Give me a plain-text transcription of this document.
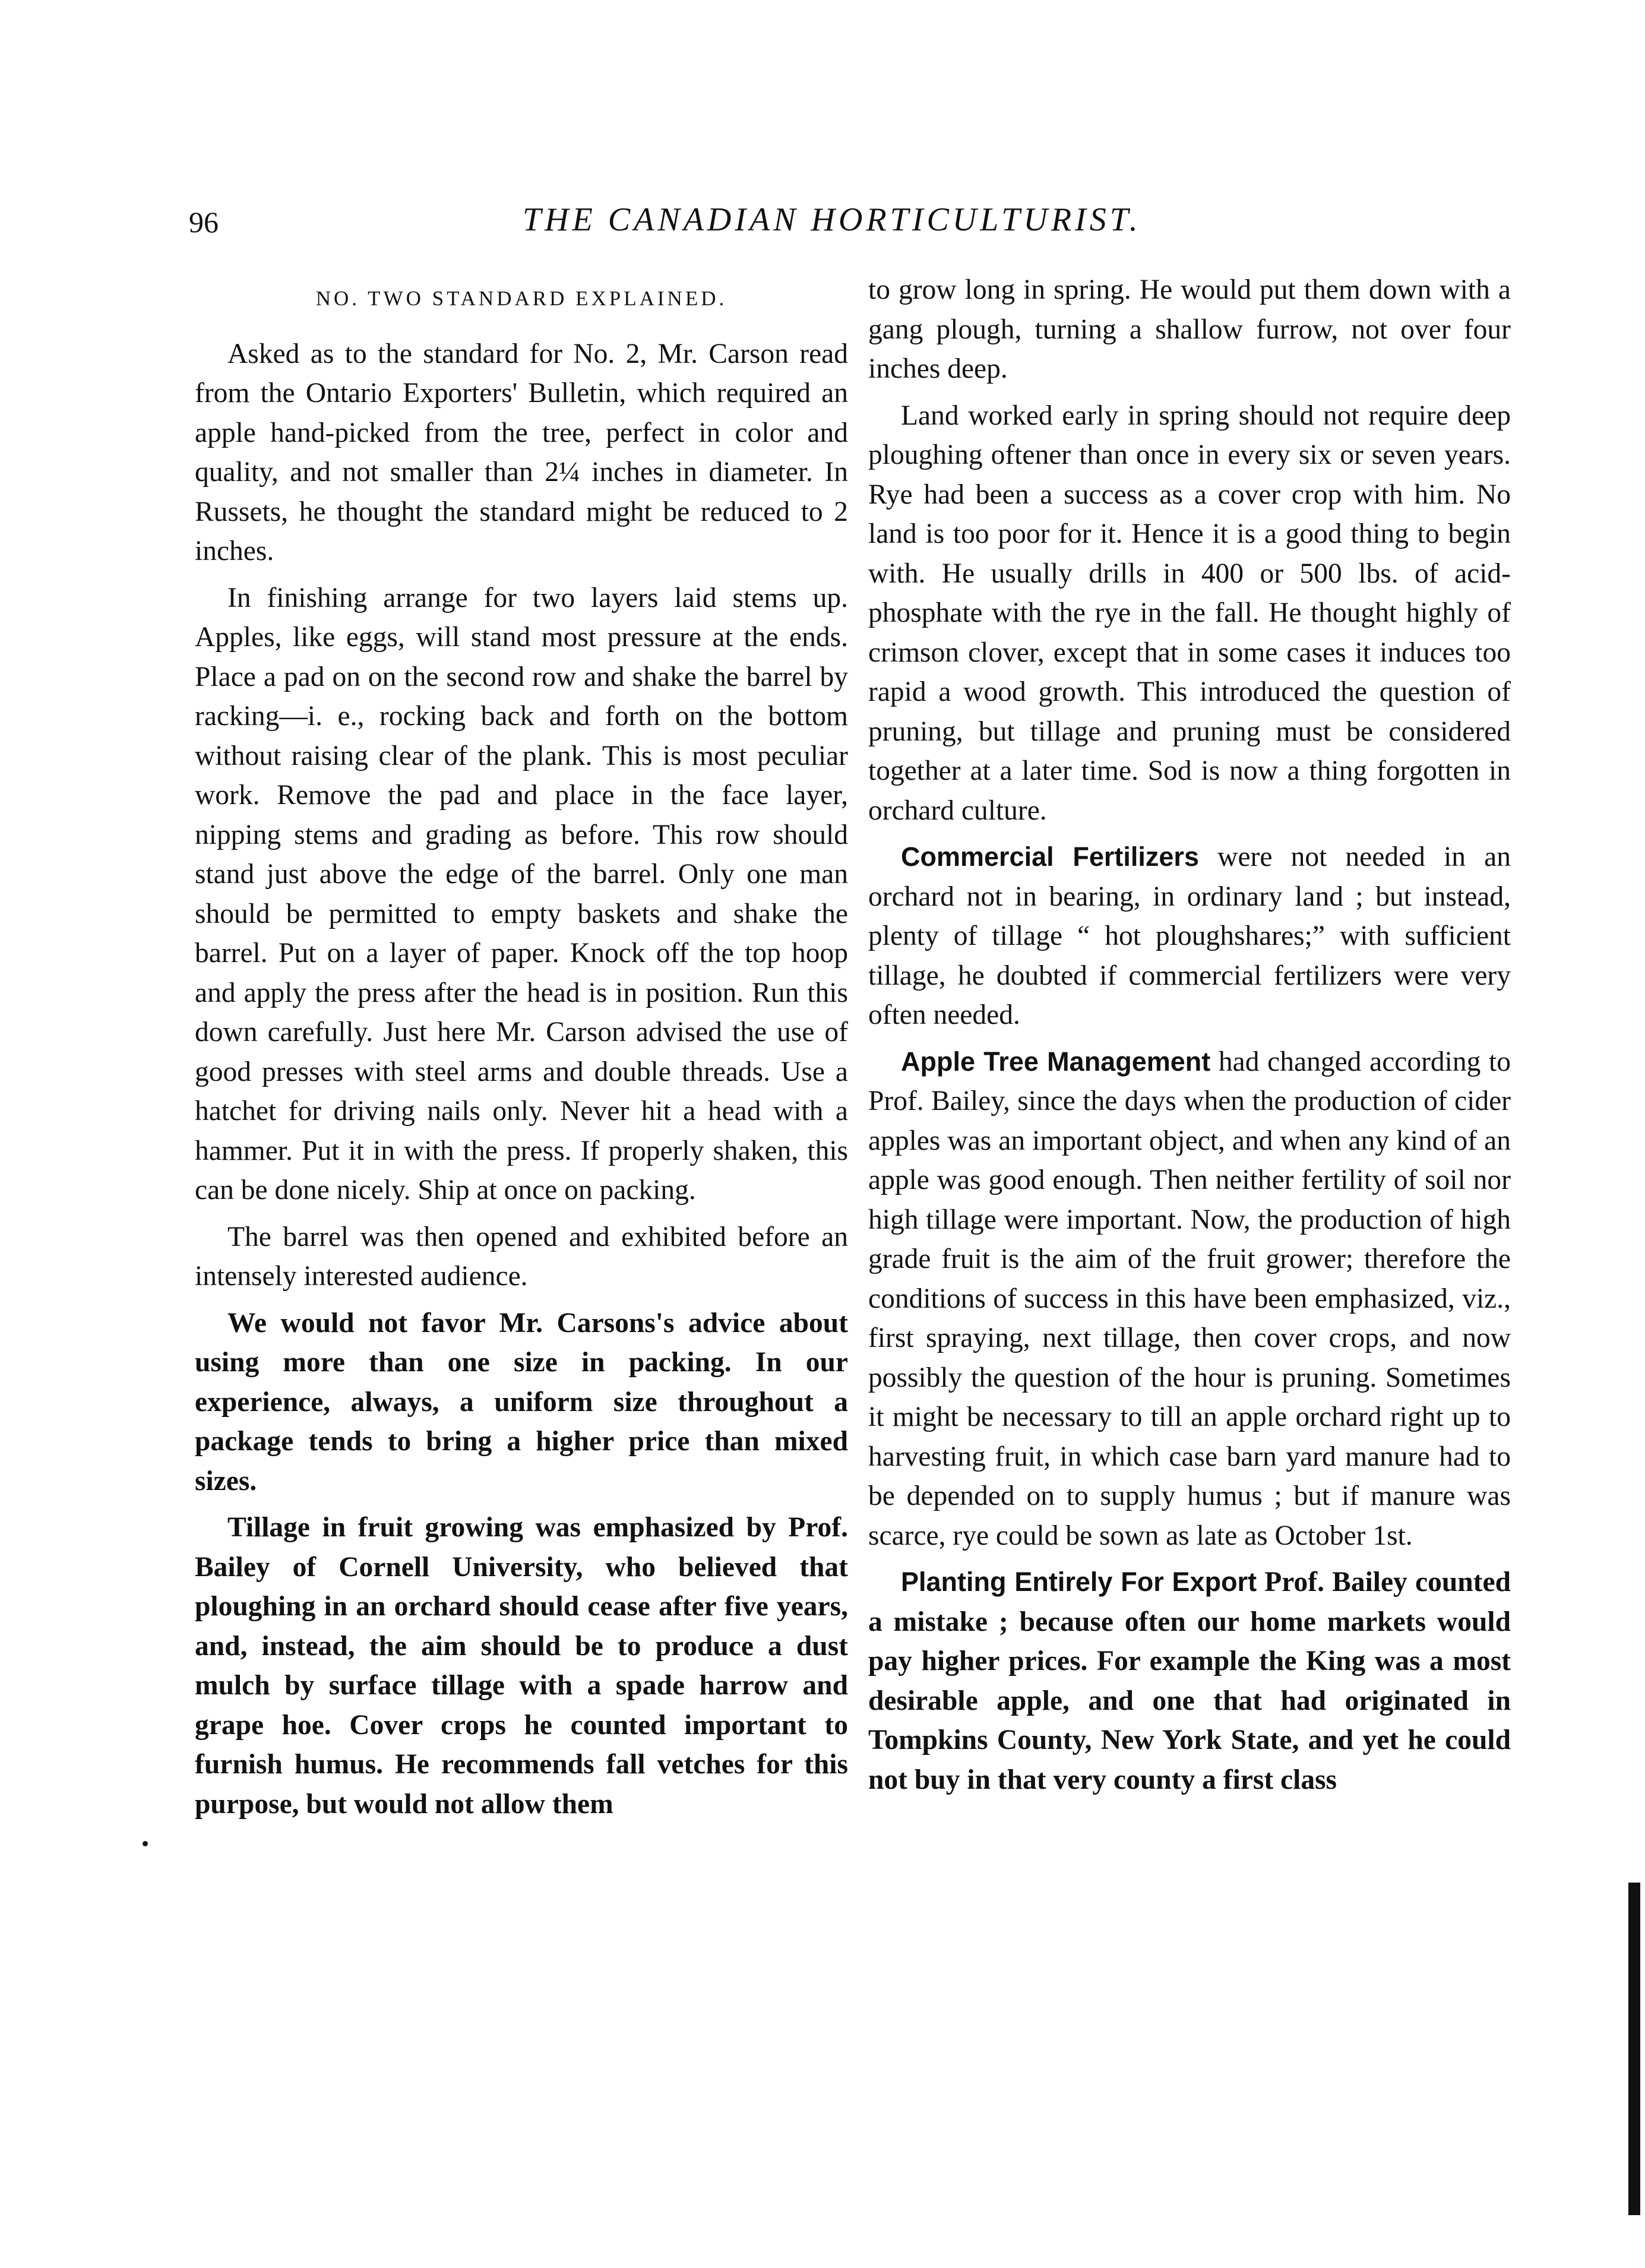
96	THE CANADIAN HORTICULTURIST.
NO. TWO STANDARD EXPLAINED.

Asked as to the standard for No. 2, Mr. Carson read from the Ontario Exporters' Bulletin, which required an apple hand-picked from the tree, perfect in color and quality, and not smaller than 2¼ inches in diameter. In Russets, he thought the standard might be reduced to 2 inches.

In finishing arrange for two layers laid stems up. Apples, like eggs, will stand most pressure at the ends. Place a pad on on the second row and shake the barrel by racking—i. e., rocking back and forth on the bottom without raising clear of the plank. This is most peculiar work. Remove the pad and place in the face layer, nipping stems and grading as before. This row should stand just above the edge of the barrel. Only one man should be permitted to empty baskets and shake the barrel. Put on a layer of paper. Knock off the top hoop and apply the press after the head is in position. Run this down carefully. Just here Mr. Carson advised the use of good presses with steel arms and double threads. Use a hatchet for driving nails only. Never hit a head with a hammer. Put it in with the press. If properly shaken, this can be done nicely. Ship at once on packing.

The barrel was then opened and exhibited before an intensely interested audience.

We would not favor Mr. Carsons's advice about using more than one size in packing. In our experience, always, a uniform size throughout a package tends to bring a higher price than mixed sizes.

Tillage in fruit growing was emphasized by Prof. Bailey of Cornell University, who believed that ploughing in an orchard should cease after five years, and, instead, the aim should be to produce a dust mulch by surface tillage with a spade harrow and grape hoe. Cover crops he counted important to furnish humus. He recommends fall vetches for this purpose, but would not allow them

to grow long in spring. He would put them down with a gang plough, turning a shallow furrow, not over four inches deep.

Land worked early in spring should not require deep ploughing oftener than once in every six or seven years. Rye had been a success as a cover crop with him. No land is too poor for it. Hence it is a good thing to begin with. He usually drills in 400 or 500 lbs. of acid-phosphate with the rye in the fall. He thought highly of crimson clover, except that in some cases it induces too rapid a wood growth. This introduced the question of pruning, but tillage and pruning must be considered together at a later time. Sod is now a thing forgotten in orchard culture.

Commercial Fertilizers were not needed in an orchard not in bearing, in ordinary land ; but instead, plenty of tillage “ hot ploughshares;” with sufficient tillage, he doubted if commercial fertilizers were very often needed.

Apple Tree Management had changed according to Prof. Bailey, since the days when the production of cider apples was an important object, and when any kind of an apple was good enough. Then neither fertility of soil nor high tillage were important. Now, the production of high grade fruit is the aim of the fruit grower; therefore the conditions of success in this have been emphasized, viz., first spraying, next tillage, then cover crops, and now possibly the question of the hour is pruning. Sometimes it might be necessary to till an apple orchard right up to harvesting fruit, in which case barn yard manure had to be depended on to supply humus ; but if manure was scarce, rye could be sown as late as October 1st.

Planting Entirely For Export Prof. Bailey counted a mistake ; because often our home markets would pay higher prices. For example the King was a most desirable apple, and one that had originated in Tompkins County, New York State, and yet he could not buy in that very county a first class
